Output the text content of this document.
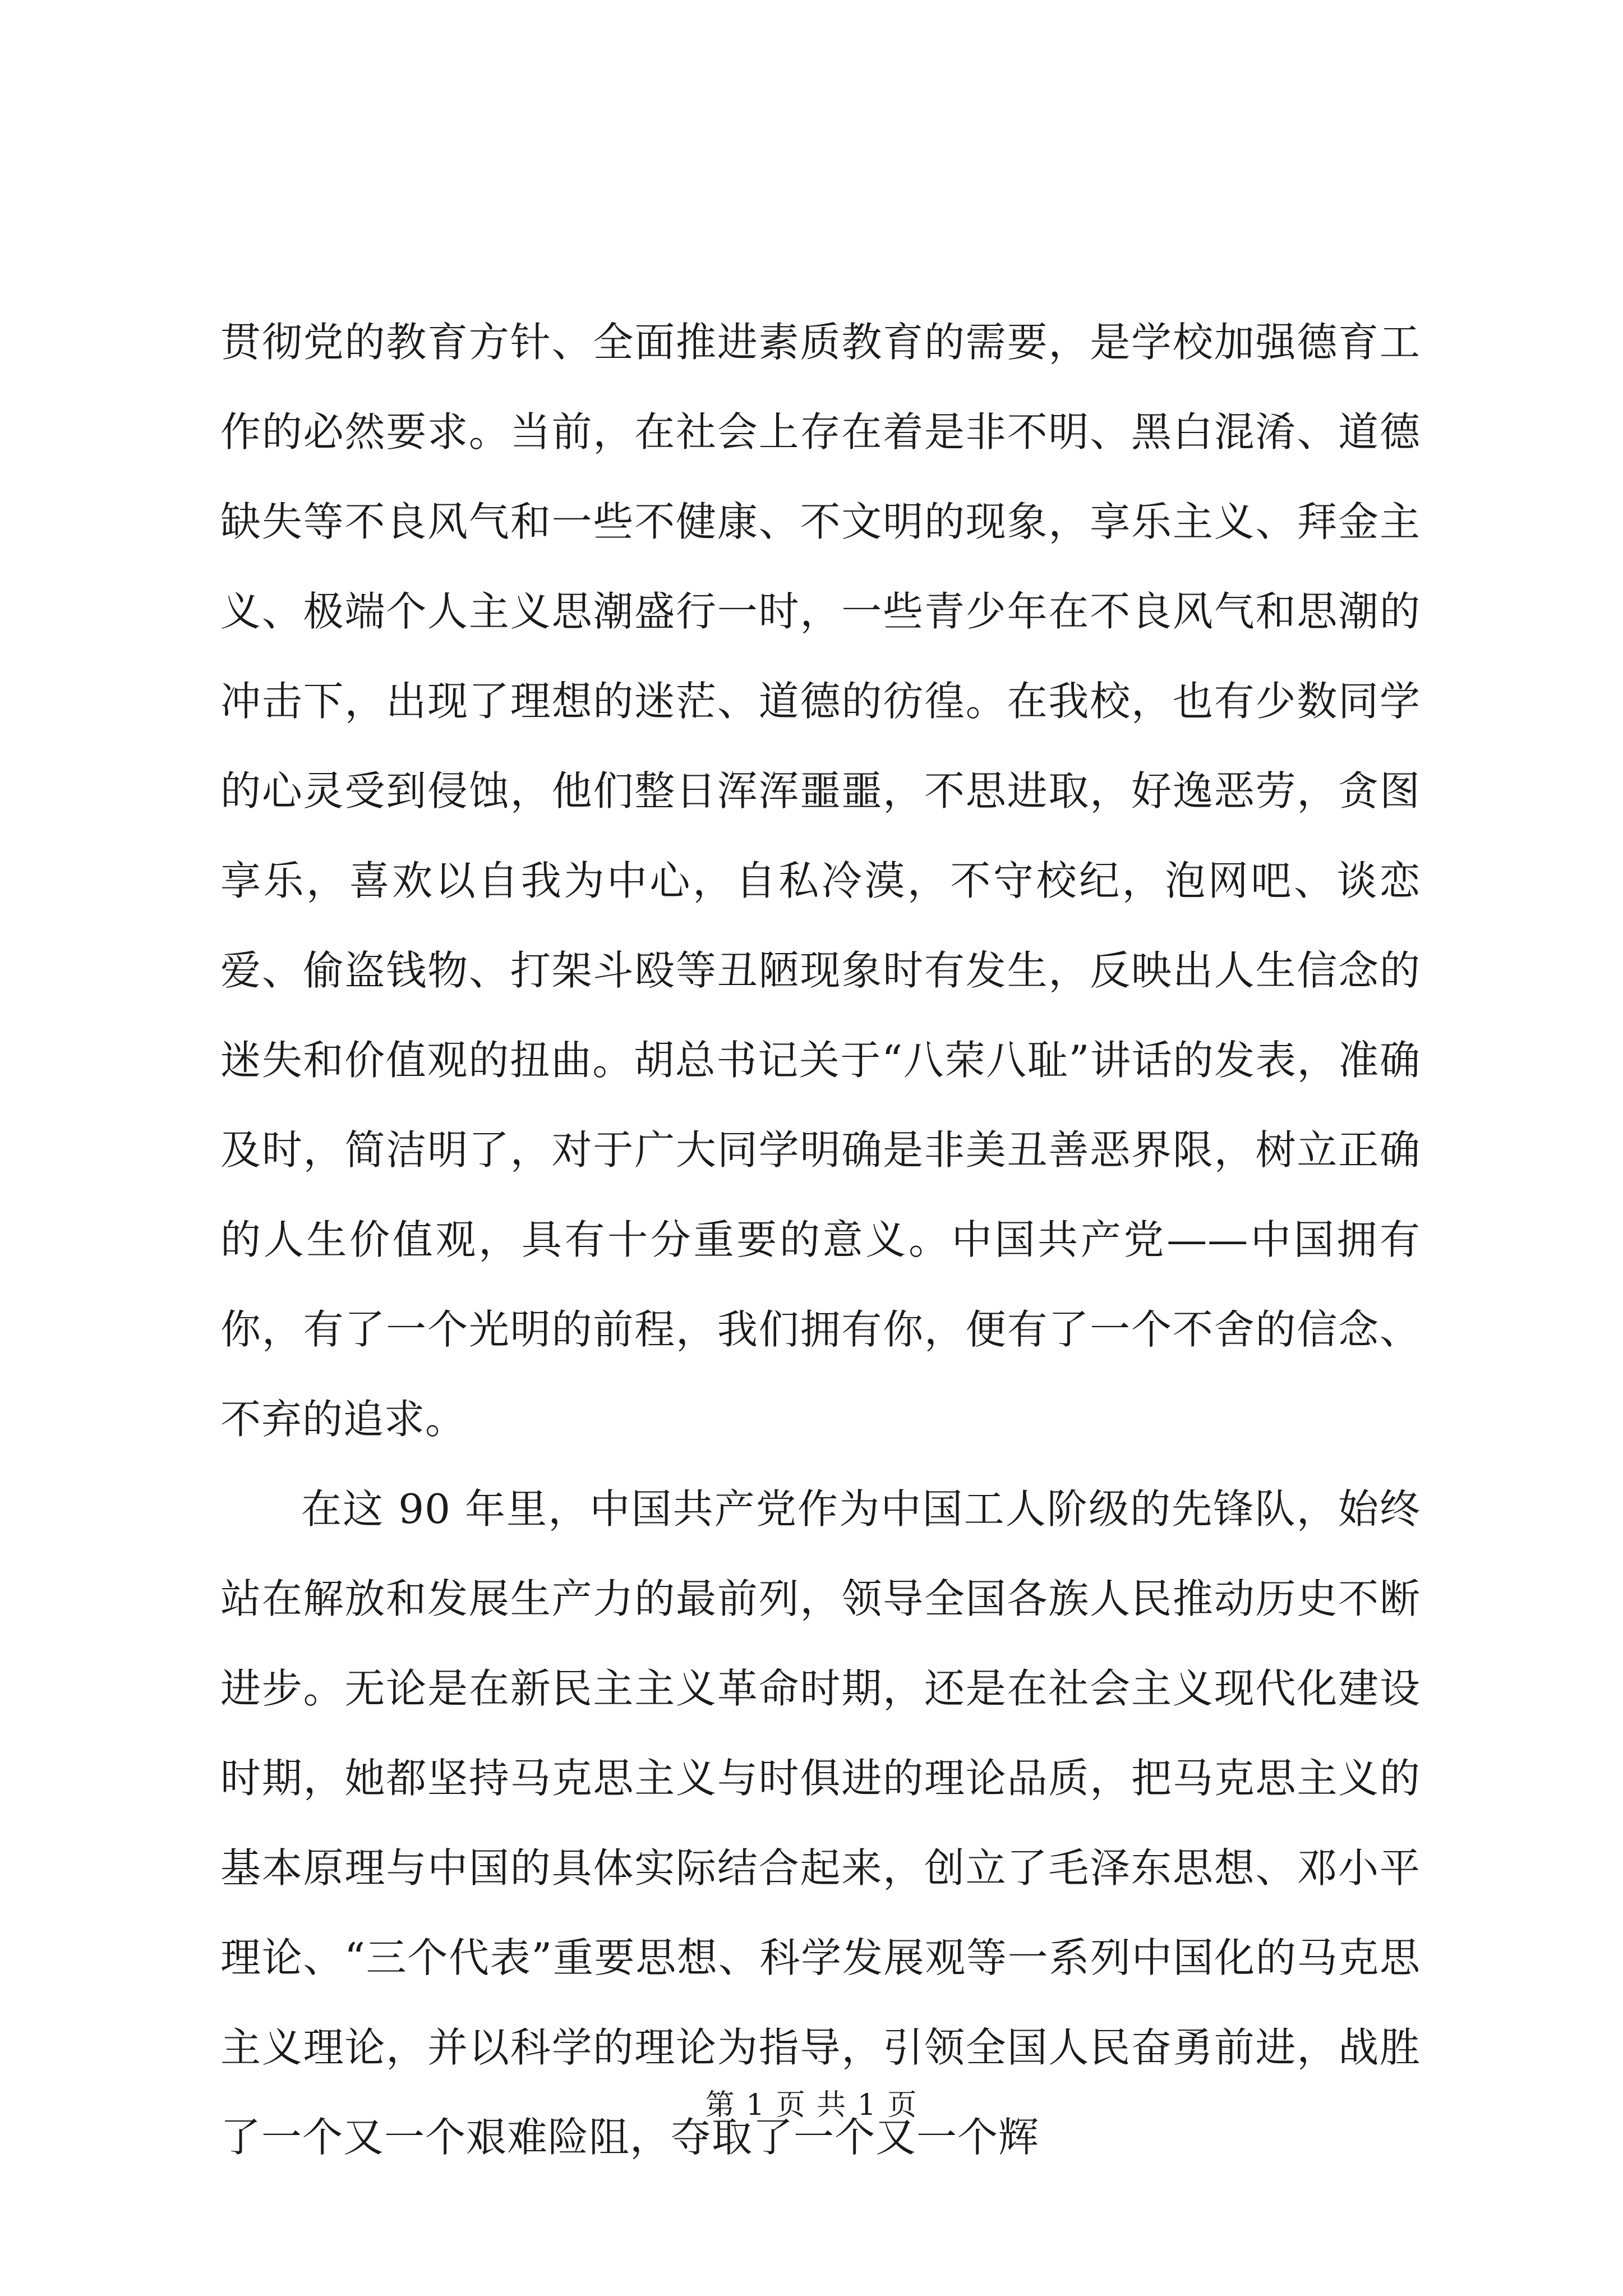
贯彻党的教育方针、全面推进素质教育的需要，是学校加强德育工作的必然要求。当前，在社会上存在着是非不明、黑白混淆、道德缺失等不良风气和一些不健康、不文明的现象，享乐主义、拜金主义、极端个人主义思潮盛行一时，一些青少年在不良风气和思潮的冲击下，出现了理想的迷茫、道德的彷徨。在我校，也有少数同学的心灵受到侵蚀，他们整日浑浑噩噩，不思进取，好逸恶劳，贪图享乐，喜欢以自我为中心，自私冷漠，不守校纪，泡网吧、谈恋爱、偷盗钱物、打架斗殴等丑陋现象时有发生，反映出人生信念的迷失和价值观的扭曲。胡总书记关于“八荣八耻”讲话的发表，准确及时，简洁明了，对于广大同学明确是非美丑善恶界限，树立正确的人生价值观，具有十分重要的意义。中国共产党——中国拥有你，有了一个光明的前程，我们拥有你，便有了一个不舍的信念、不弃的追求。

在这 90 年里，中国共产党作为中国工人阶级的先锋队，始终站在解放和发展生产力的最前列，领导全国各族人民推动历史不断进步。无论是在新民主主义革命时期，还是在社会主义现代化建设时期，她都坚持马克思主义与时俱进的理论品质，把马克思主义的基本原理与中国的具体实际结合起来，创立了毛泽东思想、邓小平理论、“三个代表”重要思想、科学发展观等一系列中国化的马克思主义理论，并以科学的理论为指导，引领全国人民奋勇前进，战胜了一个又一个艰难险阻，夺取了一个又一个辉

第 1 页 共 1 页
